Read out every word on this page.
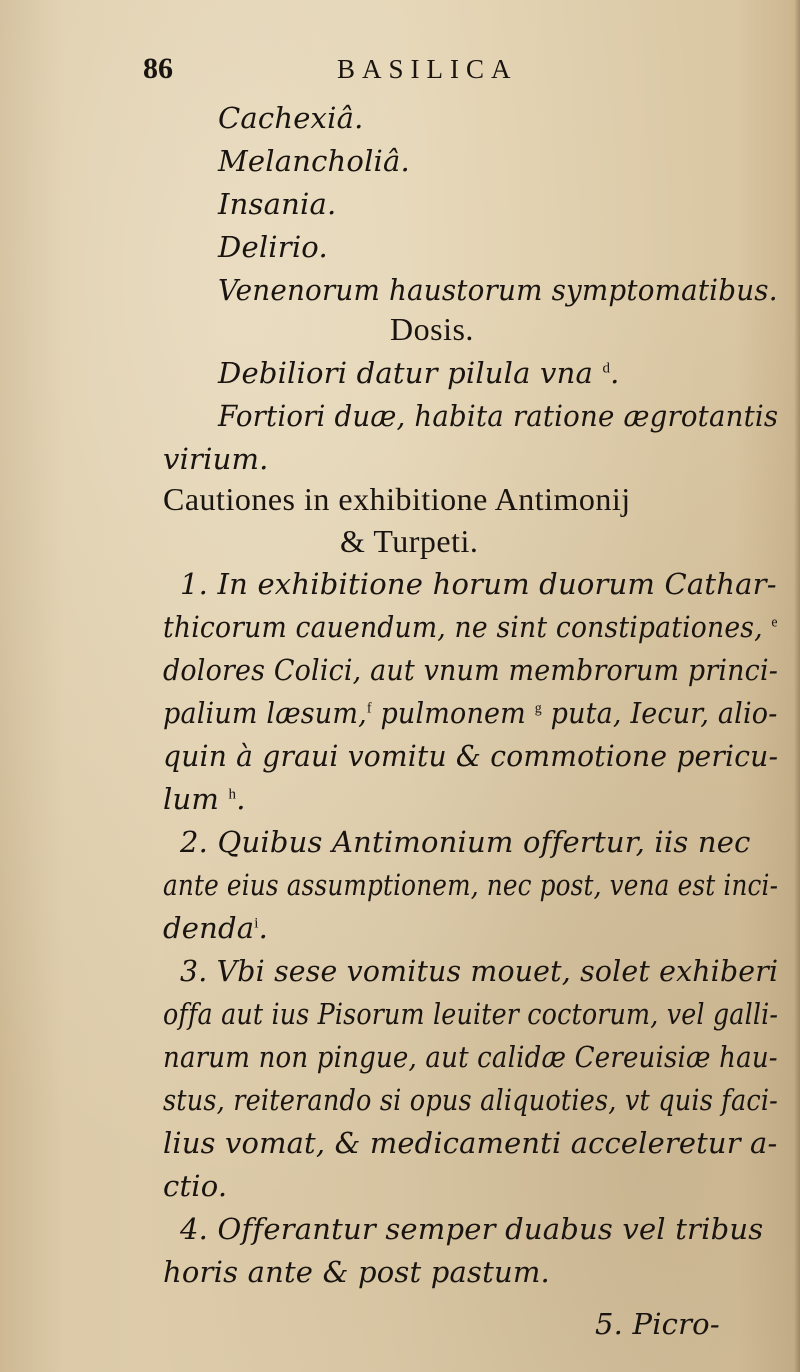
86	BASILICA
Cachexiâ.
Melancholiâ.
Insania.
Delirio.
Venenorum haustorum symptomatibus.
Dosis.
Debiliori datur pilula vna $^d$.
Fortiori duæ, habita ratione ægrotantis
virium.
Cautiones in exhibitione Antimonij
& Turpeti.
1. In exhibitione horum duorum Cathar-
thicorum cauendum, ne sint constipationes, $^e$
dolores Colici, aut vnum membrorum princi-
palium læsum,$^f$ pulmonem $^g$ puta, Iecur, alio-
quin à graui vomitu & commotione pericu-
lum $^h$.
2. Quibus Antimonium offertur, iis nec
ante eius assumptionem, nec post, vena est inci-
denda$^i$.
3. Vbi sese vomitus mouet, solet exhiberi
offa aut ius Pisorum leuiter coctorum, vel galli-
narum non pingue, aut calidæ Cereuisiæ hau-
stus, reiterando si opus aliquoties, vt quis faci-
lius vomat, & medicamenti acceleretur a-
ctio.
4. Offerantur semper duabus vel tribus
horis ante & post pastum.
5. Picro-
